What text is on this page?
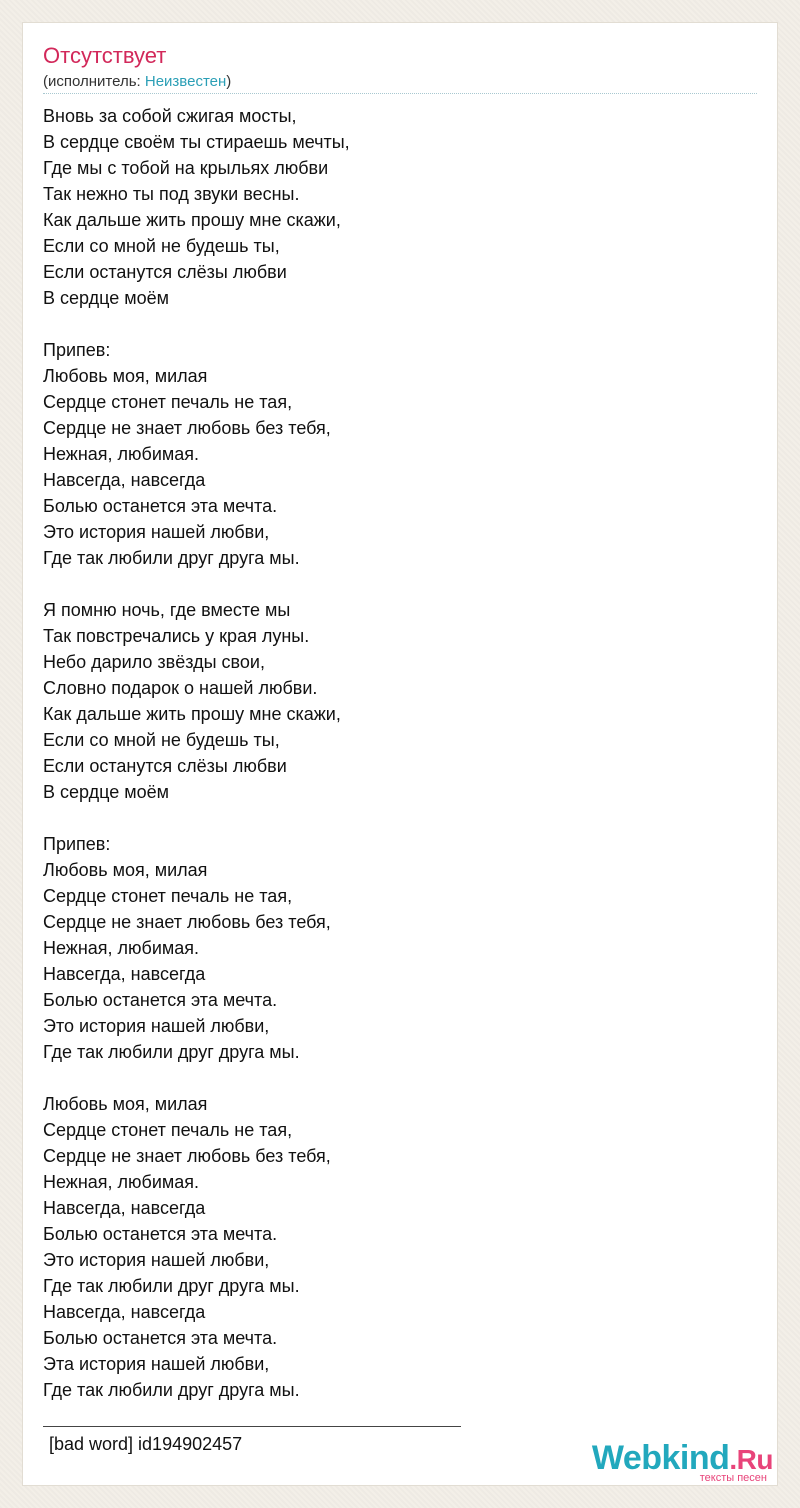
Отсутствует
(исполнитель: Неизвестен)
Вновь за собой сжигая мосты,
В сердце своём ты стираешь мечты,
Где мы с тобой на крыльях любви
Так нежно ты под звуки весны.
Как дальше жить прошу мне скажи,
Если со мной не будешь ты,
Если останутся слёзы любви
В сердце моём
Припев:
Любовь моя, милая
Сердце стонет печаль не тая,
Сердце не знает любовь без тебя,
Нежная, любимая.
Навсегда, навсегда
Болью останется эта мечта.
Это история нашей любви,
Где так любили друг друга мы.
Я помню ночь, где вместе мы
Так повстречались у края луны.
Небо дарило звёзды свои,
Словно подарок о нашей любви.
Как дальше жить прошу мне скажи,
Если со мной не будешь ты,
Если останутся слёзы любви
В сердце моём
Припев:
Любовь моя, милая
Сердце стонет печаль не тая,
Сердце не знает любовь без тебя,
Нежная, любимая.
Навсегда, навсегда
Болью останется эта мечта.
Это история нашей любви,
Где так любили друг друга мы.
Любовь моя, милая
Сердце стонет печаль не тая,
Сердце не знает любовь без тебя,
Нежная, любимая.
Навсегда, навсегда
Болью останется эта мечта.
Это история нашей любви,
Где так любили друг друга мы.
Навсегда, навсегда
Болью останется эта мечта.
Эта история нашей любви,
Где так любили друг друга мы.
[bad word] id194902457	Webkind.Ru
тексты песен
